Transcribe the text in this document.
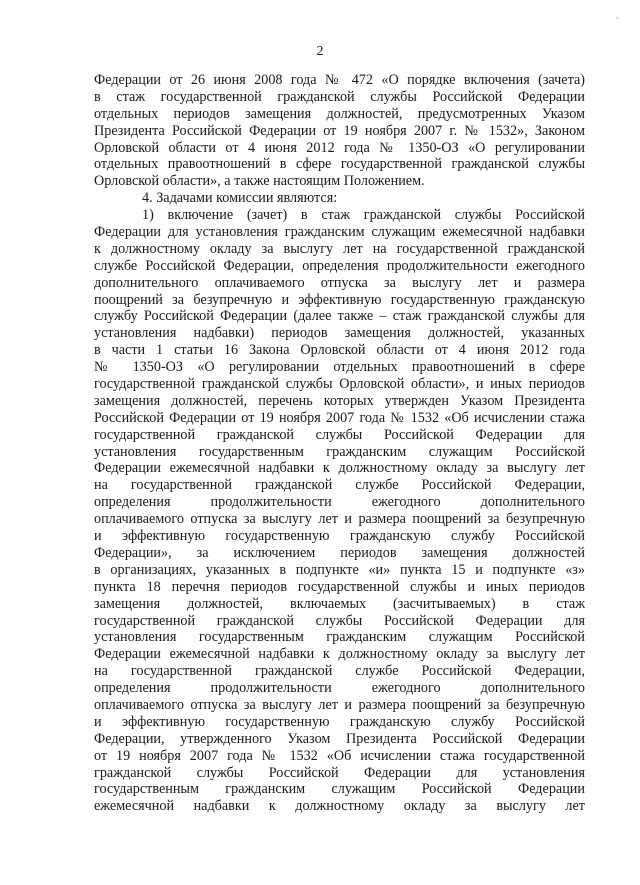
'
2
Федерации от 26 июня 2008 года № 472 «О порядке включения (зачета)
в стаж государственной гражданской службы Российской Федерации
отдельных периодов замещения должностей, предусмотренных Указом
Президента Российской Федерации от 19 ноября 2007 г. № 1532», Законом
Орловской области от 4 июня 2012 года № 1350-ОЗ «О регулировании
отдельных правоотношений в сфере государственной гражданской службы
Орловской области», а также настоящим Положением.
4. Задачами комиссии являются:
1) включение (зачет) в стаж гражданской службы Российской
Федерации для установления гражданским служащим ежемесячной надбавки
к должностному окладу за выслугу лет на государственной гражданской
службе Российской Федерации, определения продолжительности ежегодного
дополнительного оплачиваемого отпуска за выслугу лет и размера
поощрений за безупречную и эффективную государственную гражданскую
службу Российской Федерации (далее также – стаж гражданской службы для
установления надбавки) периодов замещения должностей, указанных
в части 1 статьи 16 Закона Орловской области от 4 июня 2012 года
№ 1350-ОЗ «О регулировании отдельных правоотношений в сфере
государственной гражданской службы Орловской области», и иных периодов
замещения должностей, перечень которых утвержден Указом Президента
Российской Федерации от 19 ноября 2007 года № 1532 «Об исчислении стажа
государственной гражданской службы Российской Федерации для
установления государственным гражданским служащим Российской
Федерации ежемесячной надбавки к должностному окладу за выслугу лет
на государственной гражданской службе Российской Федерации,
определения продолжительности ежегодного дополнительного
оплачиваемого отпуска за выслугу лет и размера поощрений за безупречную
и эффективную государственную гражданскую службу Российской
Федерации», за исключением периодов замещения должностей
в организациях, указанных в подпункте «и» пункта 15 и подпункте «з»
пункта 18 перечня периодов государственной службы и иных периодов
замещения должностей, включаемых (засчитываемых) в стаж
государственной гражданской службы Российской Федерации для
установления государственным гражданским служащим Российской
Федерации ежемесячной надбавки к должностному окладу за выслугу лет
на государственной гражданской службе Российской Федерации,
определения продолжительности ежегодного дополнительного
оплачиваемого отпуска за выслугу лет и размера поощрений за безупречную
и эффективную государственную гражданскую службу Российской
Федерации, утвержденного Указом Президента Российской Федерации
от 19 ноября 2007 года № 1532 «Об исчислении стажа государственной
гражданской службы Российской Федерации для установления
государственным гражданским служащим Российской Федерации
ежемесячной надбавки к должностному окладу за выслугу лет
